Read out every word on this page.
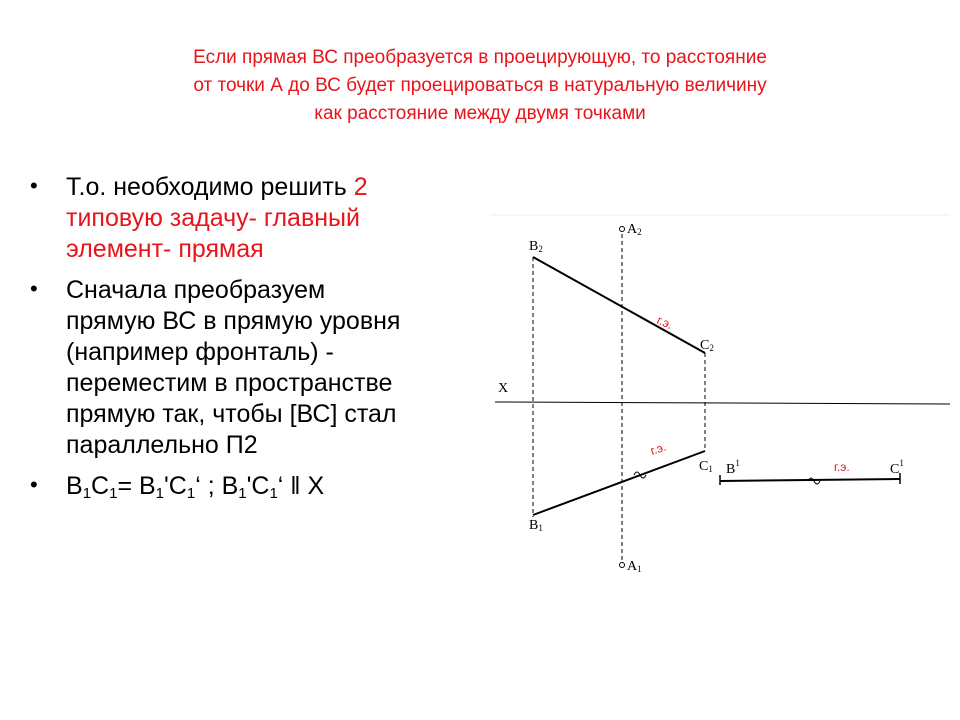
Если прямая ВС преобразуется в проецирующую, то расстояние
от точки А до ВС будет проецироваться в натуральную величину
как расстояние между двумя точками
• Т.о. необходимо решить 2 типовую задачу- главный элемент- прямая
• Сначала преобразуем прямую ВС в прямую уровня (например фронталь) - переместим в пространстве прямую так, чтобы [ВС] стал параллельно П2
• $В_1С_1=$ $В_1'С_1‘$ ; $В_1'С_1‘$ ǁ Х
X
A2
B2
C2
A1
B1
C1 $B^1$	$C^1$
г.э.
г.э.
г.э.
